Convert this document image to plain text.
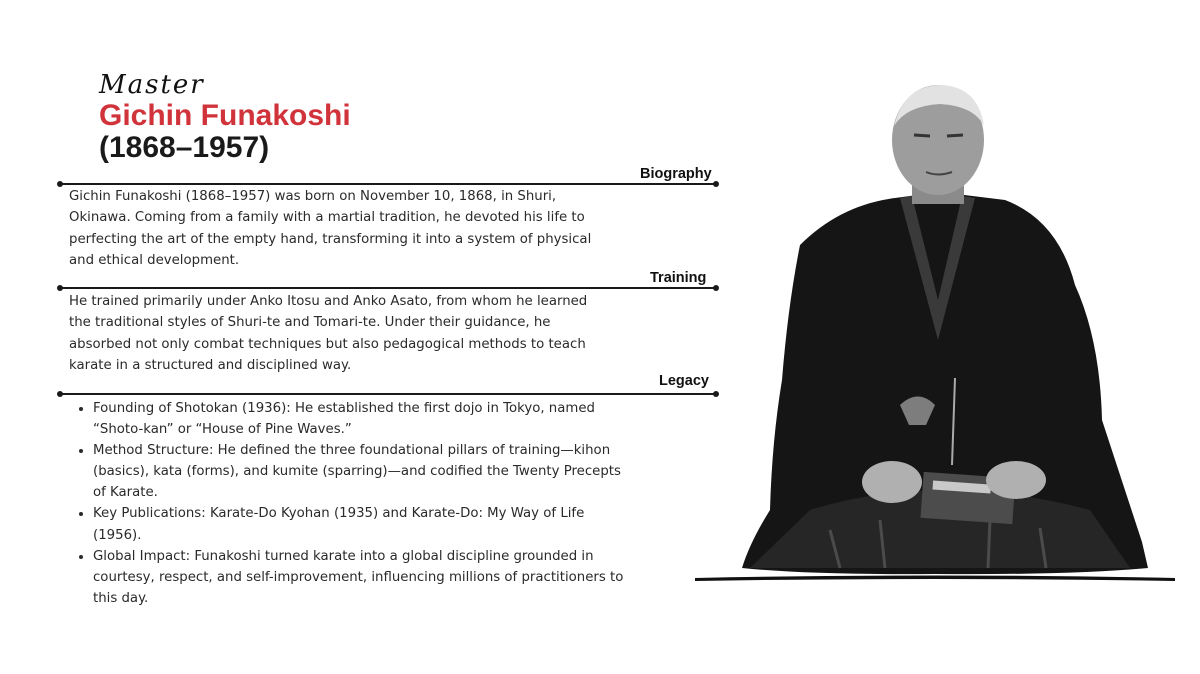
Master
Gichin Funakoshi
(1868–1957)
Biography

Gichin Funakoshi (1868–1957) was born on November 10, 1868, in Shuri, Okinawa. Coming from a family with a martial tradition, he devoted his life to perfecting the art of the empty hand, transforming it into a system of physical and ethical development.

Training

He trained primarily under Anko Itosu and Anko Asato, from whom he learned the traditional styles of Shuri-te and Tomari-te. Under their guidance, he absorbed not only combat techniques but also pedagogical methods to teach karate in a structured and disciplined way.

Legacy
• Founding of Shotokan (1936): He established the first dojo in Tokyo, named “Shoto-kan” or “House of Pine Waves.”
• Method Structure: He defined the three foundational pillars of training—kihon (basics), kata (forms), and kumite (sparring)—and codified the Twenty Precepts of Karate.
• Key Publications: Karate-Do Kyohan (1935) and Karate-Do: My Way of Life (1956).
• Global Impact: Funakoshi turned karate into a global discipline grounded in courtesy, respect, and self-improvement, influencing millions of practitioners to this day.
